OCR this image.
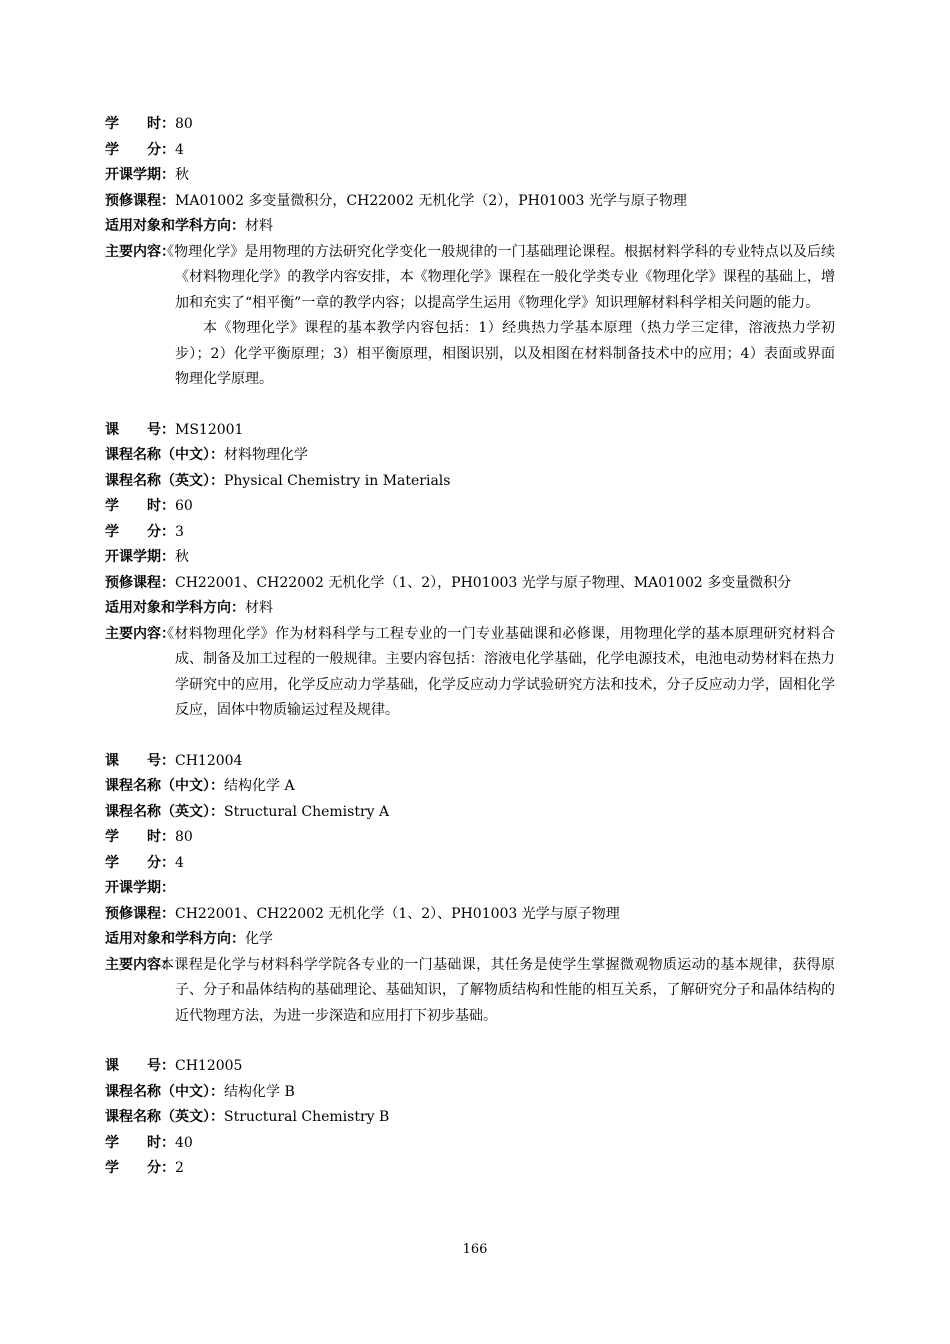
学　　时： 80
学　　分： 4
开课学期： 秋
预修课程： MA01002 多变量微积分，CH22002 无机化学（2），PH01003 光学与原子物理
适用对象和学科方向： 材料
主要内容：

《物理化学》是用物理的方法研究化学变化一般规律的一门基础理论课程。根据材料学科的专业特点以及后续《材料物理化学》的教学内容安排，本《物理化学》课程在一般化学类专业《物理化学》课程的基础上，增加和充实了“相平衡”一章的教学内容；以提高学生运用《物理化学》知识理解材料科学相关问题的能力。

本《物理化学》课程的基本教学内容包括：1）经典热力学基本原理（热力学三定律，溶液热力学初步）；2）化学平衡原理；3）相平衡原理，相图识别，以及相图在材料制备技术中的应用；4）表面或界面物理化学原理。

课　　号： MS12001
课程名称（中文）： 材料物理化学
课程名称（英文）： Physical Chemistry in Materials
学　　时： 60
学　　分： 3
开课学期： 秋
预修课程： CH22001、CH22002 无机化学（1、2），PH01003 光学与原子物理、MA01002 多变量微积分
适用对象和学科方向： 材料
主要内容：

《材料物理化学》作为材料科学与工程专业的一门专业基础课和必修课，用物理化学的基本原理研究材料合成、制备及加工过程的一般规律。主要内容包括：溶液电化学基础，化学电源技术，电池电动势材料在热力学研究中的应用，化学反应动力学基础，化学反应动力学试验研究方法和技术，分子反应动力学，固相化学反应，固体中物质输运过程及规律。

课　　号： CH12004
课程名称（中文）： 结构化学 A
课程名称（英文）： Structural Chemistry A
学　　时： 80
学　　分： 4
开课学期：
预修课程： CH22001、CH22002 无机化学（1、2）、PH01003 光学与原子物理
适用对象和学科方向： 化学
主要内容：

本课程是化学与材料科学学院各专业的一门基础课，其任务是使学生掌握微观物质运动的基本规律，获得原子、分子和晶体结构的基础理论、基础知识，了解物质结构和性能的相互关系，了解研究分子和晶体结构的近代物理方法，为进一步深造和应用打下初步基础。

课　　号： CH12005
课程名称（中文）： 结构化学 B
课程名称（英文）： Structural Chemistry B
学　　时： 40
学　　分： 2
166
